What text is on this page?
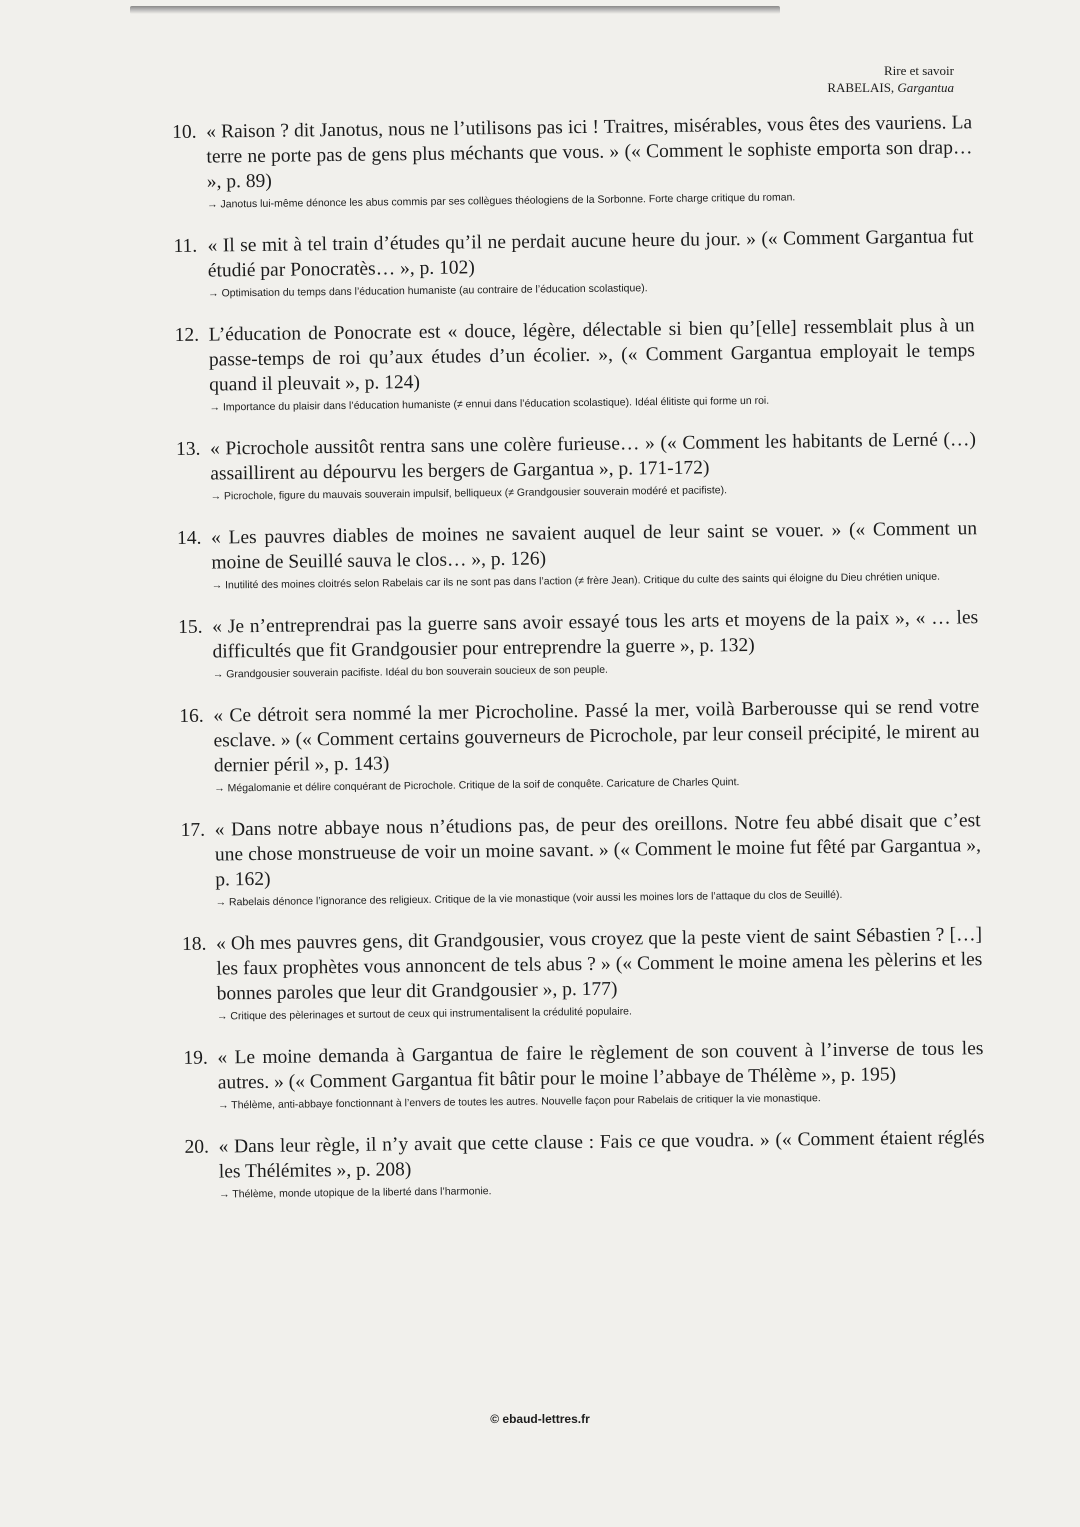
Rire et savoir
RABELAIS, Gargantua

10. « Raison ? dit Janotus, nous ne l’utilisons pas ici ! Traitres, misérables, vous êtes des vauriens. La terre ne porte pas de gens plus méchants que vous. » (« Comment le sophiste emporta son drap… », p. 89)

→ Janotus lui-même dénonce les abus commis par ses collègues théologiens de la Sorbonne. Forte charge critique du roman.

11. « Il se mit à tel train d’études qu’il ne perdait aucune heure du jour. » (« Comment Gargantua fut étudié par Ponocratès… », p. 102)

→ Optimisation du temps dans l’éducation humaniste (au contraire de l’éducation scolastique).

12. L’éducation de Ponocrate est « douce, légère, délectable si bien qu’[elle] ressemblait plus à un passe-temps de roi qu’aux études d’un écolier. », (« Comment Gargantua employait le temps quand il pleuvait », p. 124)

→ Importance du plaisir dans l’éducation humaniste (≠ ennui dans l’éducation scolastique). Idéal élitiste qui forme un roi.

13. « Picrochole aussitôt rentra sans une colère furieuse… » (« Comment les habitants de Lerné (…) assaillirent au dépourvu les bergers de Gargantua », p. 171-172)

→ Picrochole, figure du mauvais souverain impulsif, belliqueux (≠ Grandgousier souverain modéré et pacifiste).

14. « Les pauvres diables de moines ne savaient auquel de leur saint se vouer. » (« Comment un moine de Seuillé sauva le clos… », p. 126)

→ Inutilité des moines cloitrés selon Rabelais car ils ne sont pas dans l’action (≠ frère Jean). Critique du culte des saints qui éloigne du Dieu chrétien unique.

15. « Je n’entreprendrai pas la guerre sans avoir essayé tous les arts et moyens de la paix », « … les difficultés que fit Grandgousier pour entreprendre la guerre », p. 132)

→ Grandgousier souverain pacifiste. Idéal du bon souverain soucieux de son peuple.

16. « Ce détroit sera nommé la mer Picrocholine. Passé la mer, voilà Barberousse qui se rend votre esclave. » (« Comment certains gouverneurs de Picrochole, par leur conseil précipité, le mirent au dernier péril », p. 143)

→ Mégalomanie et délire conquérant de Picrochole. Critique de la soif de conquête. Caricature de Charles Quint.

17. « Dans notre abbaye nous n’étudions pas, de peur des oreillons. Notre feu abbé disait que c’est une chose monstrueuse de voir un moine savant. » (« Comment le moine fut fêté par Gargantua », p. 162)

→ Rabelais dénonce l’ignorance des religieux. Critique de la vie monastique (voir aussi les moines lors de l’attaque du clos de Seuillé).

18. « Oh mes pauvres gens, dit Grandgousier, vous croyez que la peste vient de saint Sébastien ? […] les faux prophètes vous annoncent de tels abus ? » (« Comment le moine amena les pèlerins et les bonnes paroles que leur dit Grandgousier », p. 177)

→ Critique des pèlerinages et surtout de ceux qui instrumentalisent la crédulité populaire.

19. « Le moine demanda à Gargantua de faire le règlement de son couvent à l’inverse de tous les autres. » (« Comment Gargantua fit bâtir pour le moine l’abbaye de Thélème », p. 195)

→ Thélème, anti-abbaye fonctionnant à l’envers de toutes les autres. Nouvelle façon pour Rabelais de critiquer la vie monastique.

20. « Dans leur règle, il n’y avait que cette clause : Fais ce que voudra. » (« Comment étaient réglés les Thélémites », p. 208)

→ Thélème, monde utopique de la liberté dans l’harmonie.

© ebaud-lettres.fr
